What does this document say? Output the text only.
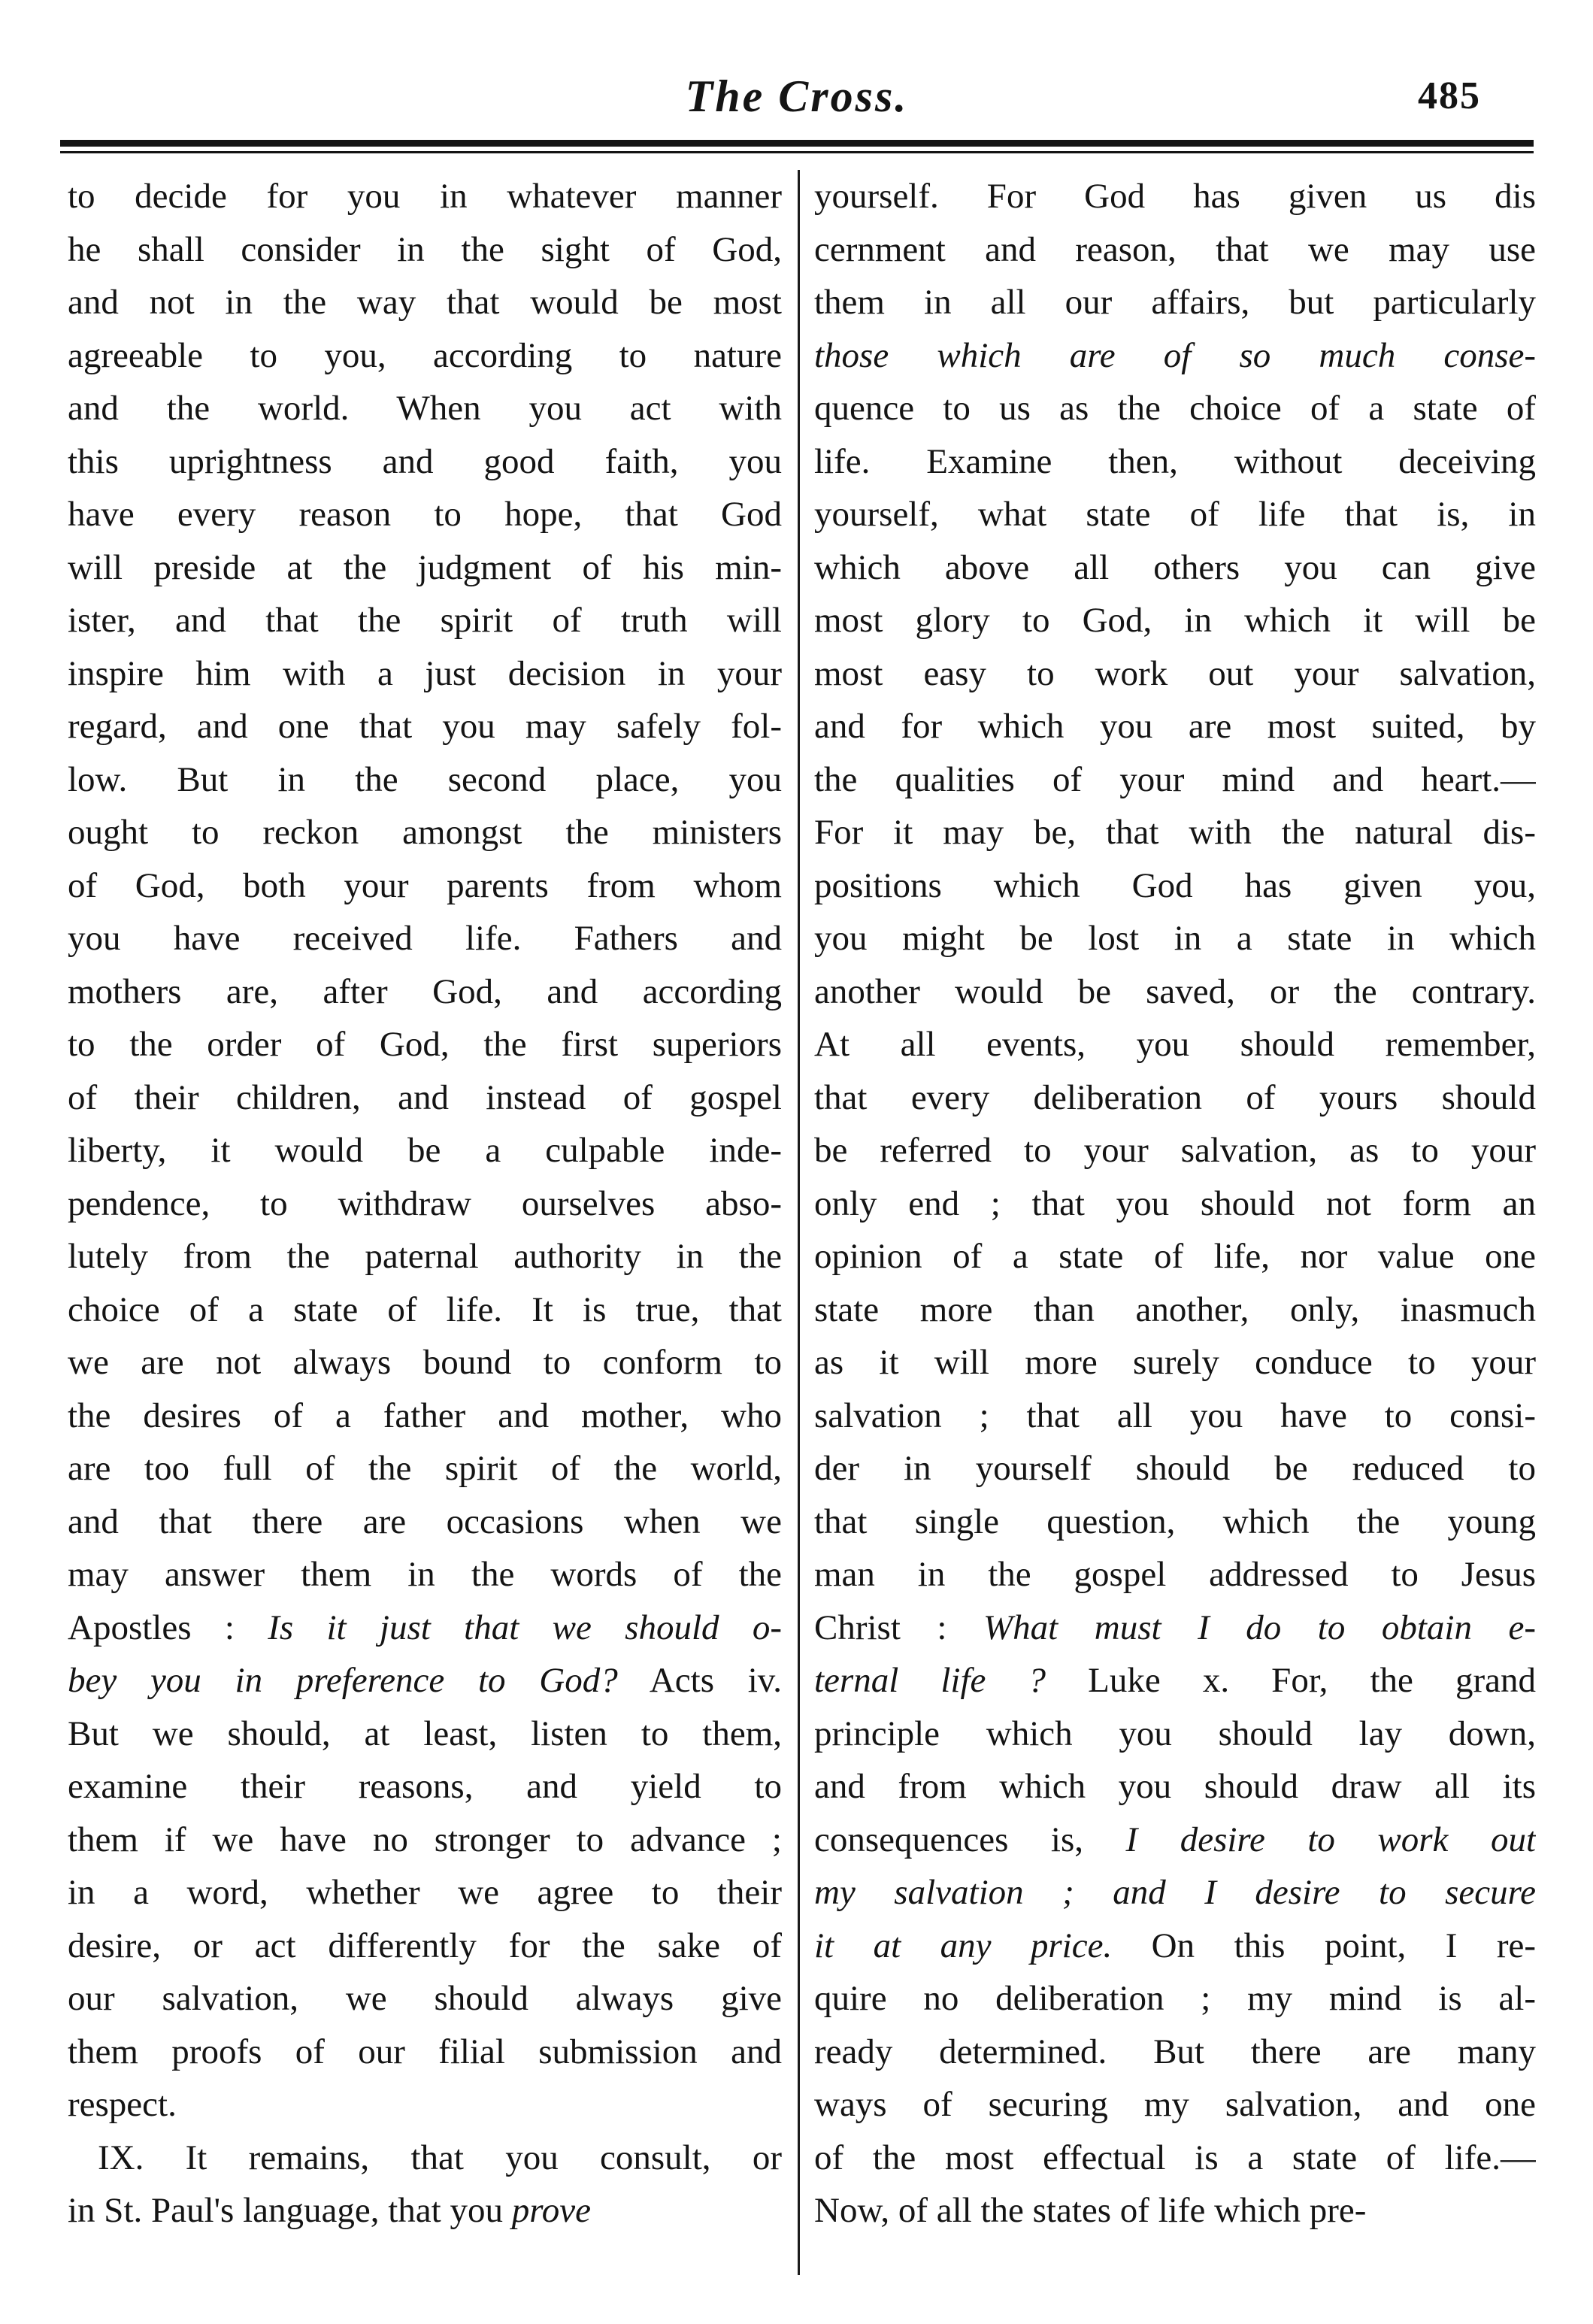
The Cross.	485
to decide for you in whatever manner
he shall consider in the sight of God,
and not in the way that would be most
agreeable to you, according to nature
and the world. When you act with
this uprightness and good faith, you
have every reason to hope, that God
will preside at the judgment of his min-
ister, and that the spirit of truth will
inspire him with a just decision in your
regard, and one that you may safely fol-
low. But in the second place, you
ought to reckon amongst the ministers
of God, both your parents from whom
you have received life. Fathers and
mothers are, after God, and according
to the order of God, the first superiors
of their children, and instead of gospel
liberty, it would be a culpable inde-
pendence, to withdraw ourselves abso-
lutely from the paternal authority in the
choice of a state of life. It is true, that
we are not always bound to conform to
the desires of a father and mother, who
are too full of the spirit of the world,
and that there are occasions when we
may answer them in the words of the
Apostles : Is it just that we should o-
bey you in preference to God? Acts iv.
But we should, at least, listen to them,
examine their reasons, and yield to
them if we have no stronger to advance ;
in a word, whether we agree to their
desire, or act differently for the sake of
our salvation, we should always give
them proofs of our filial submission and
respect.
IX. It remains, that you consult, or
in St. Paul's language, that you prove
yourself. For God has given us dis
cernment and reason, that we may use
them in all our affairs, but particularly
those which are of so much conse-
quence to us as the choice of a state of
life. Examine then, without deceiving
yourself, what state of life that is, in
which above all others you can give
most glory to God, in which it will be
most easy to work out your salvation,
and for which you are most suited, by
the qualities of your mind and heart.—
For it may be, that with the natural dis-
positions which God has given you,
you might be lost in a state in which
another would be saved, or the contrary.
At all events, you should remember,
that every deliberation of yours should
be referred to your salvation, as to your
only end ; that you should not form an
opinion of a state of life, nor value one
state more than another, only, inasmuch
as it will more surely conduce to your
salvation ; that all you have to consi-
der in yourself should be reduced to
that single question, which the young
man in the gospel addressed to Jesus
Christ : What must I do to obtain e-
ternal life ? Luke x. For, the grand
principle which you should lay down,
and from which you should draw all its
consequences is, I desire to work out
my salvation ; and I desire to secure
it at any price. On this point, I re-
quire no deliberation ; my mind is al-
ready determined. But there are many
ways of securing my salvation, and one
of the most effectual is a state of life.—
Now, of all the states of life which pre-
